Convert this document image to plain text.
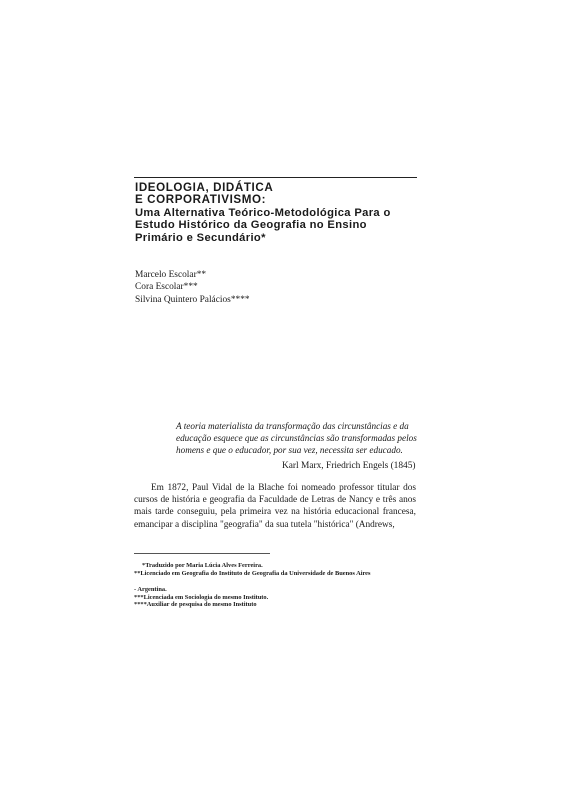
IDEOLOGIA, DIDÁTICA
E CORPORATIVISMO:
Uma Alternativa Teórico-Metodológica Para o
Estudo Histórico da Geografia no Ensino
Primário e Secundário*
Marcelo Escolar**
Cora Escolar***
Silvina Quintero Palácios****
A teoria materialista da transformação das circunstâncias e da educação esquece que as circunstâncias são transformadas pelos homens e que o educador, por sua vez, necessita ser educado.
Karl Marx, Friedrich Engels (1845)
Em 1872, Paul Vidal de la Blache foi nomeado professor titular dos cursos de história e geografia da Faculdade de Letras de Nancy e três anos mais tarde conseguiu, pela primeira vez na história educacional francesa, emancipar a disciplina "geografia" da sua tutela "histórica" (Andrews,
*Traduzido por Maria Lúcia Alves Ferreira.
**Licenciado em Geografia do Instituto de Geografia da Universidade de Buenos Aires
- Argentina.
***Licenciada em Sociologia do mesmo Instituto.
****Auxiliar de pesquisa do mesmo Instituto
